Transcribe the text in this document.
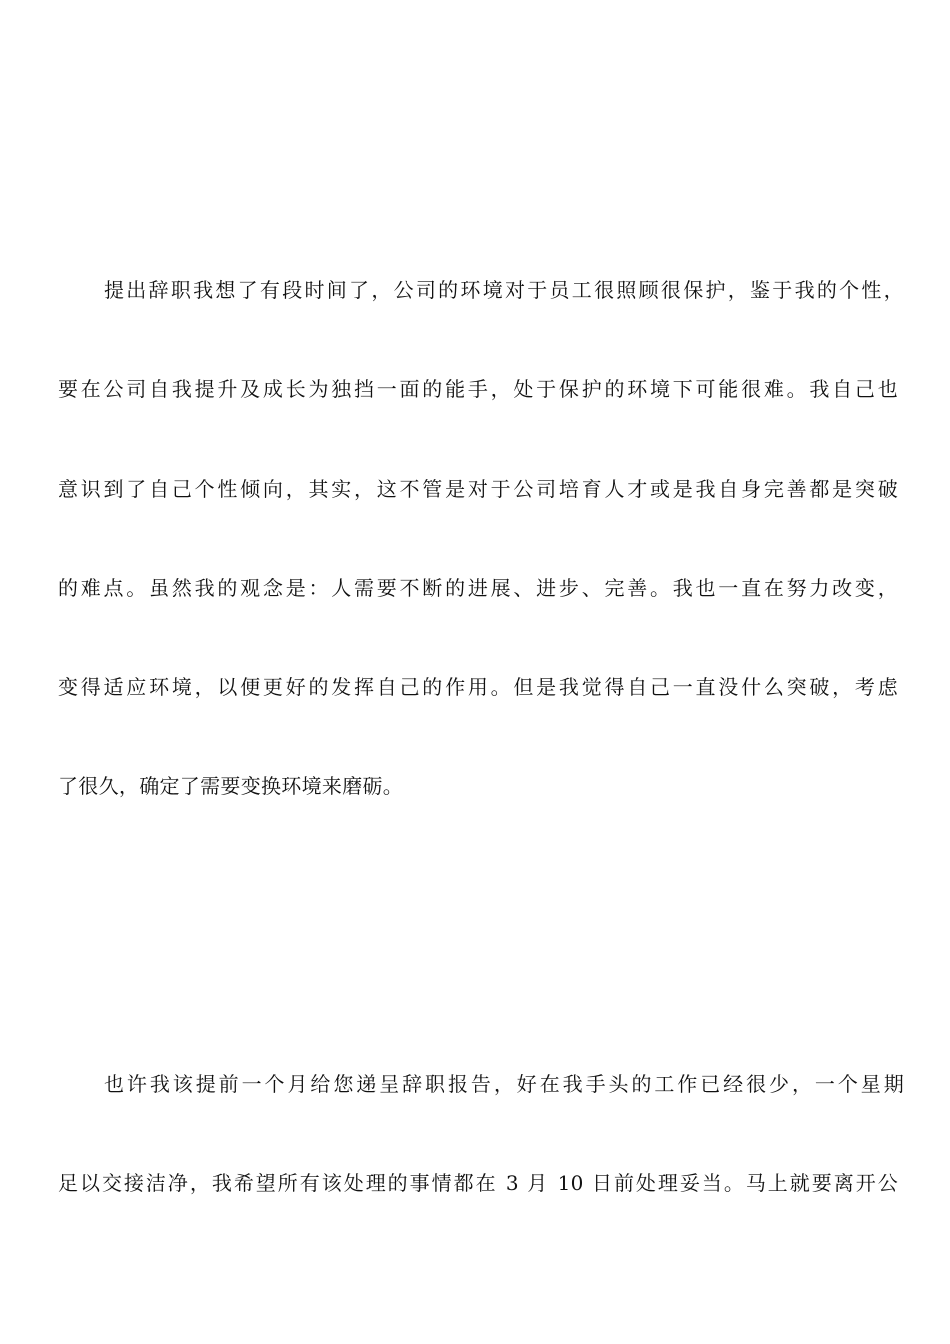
提出辞职我想了有段时间了，公司的环境对于员工很照顾很保护，鉴于我的个性，
要在公司自我提升及成长为独挡一面的能手，处于保护的环境下可能很难。我自己也
意识到了自己个性倾向，其实，这不管是对于公司培育人才或是我自身完善都是突破
的难点。虽然我的观念是：人需要不断的进展、进步、完善。我也一直在努力改变，
变得适应环境，以便更好的发挥自己的作用。但是我觉得自己一直没什么突破，考虑
了很久，确定了需要变换环境来磨砺。
也许我该提前一个月给您递呈辞职报告，好在我手头的工作已经很少，一个星期
足以交接洁净，我希望所有该处理的事情都在 3 月 10 日前处理妥当。马上就要离开公
